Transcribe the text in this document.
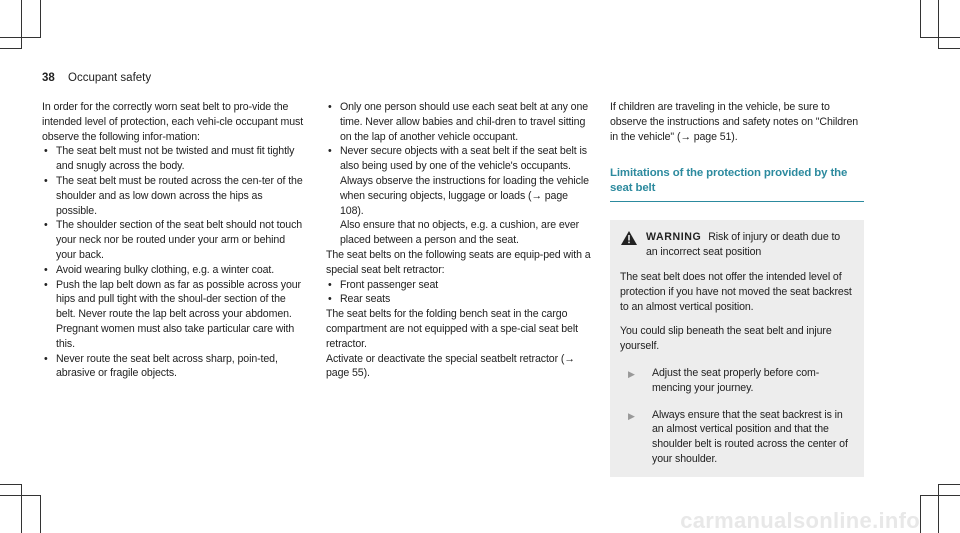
38 Occupant safety

In order for the correctly worn seat belt to pro-vide the intended level of protection, each vehi-cle occupant must observe the following infor-mation:

• The seat belt must not be twisted and must fit tightly and snugly across the body.
• The seat belt must be routed across the cen-ter of the shoulder and as low down across the hips as possible.
• The shoulder section of the seat belt should not touch your neck nor be routed under your arm or behind your back.
• Avoid wearing bulky clothing, e.g. a winter coat.
• Push the lap belt down as far as possible across your hips and pull tight with the shoul-der section of the belt. Never route the lap belt across your abdomen.

Pregnant women must also take particular care with this.

• Never route the seat belt across sharp, poin-ted, abrasive or fragile objects.
• Only one person should use each seat belt at any one time. Never allow babies and chil-dren to travel sitting on the lap of another vehicle occupant.
• Never secure objects with a seat belt if the seat belt is also being used by one of the vehicle's occupants. Always observe the instructions for loading the vehicle when securing objects, luggage or loads (→ page 108).

Also ensure that no objects, e.g. a cushion, are ever placed between a person and the seat.

The seat belts on the following seats are equip-ped with a special seat belt retractor:

• Front passenger seat
• Rear seats

The seat belts for the folding bench seat in the cargo compartment are not equipped with a spe-cial seat belt retractor.

Activate or deactivate the special seatbelt retractor (→ page 55).

If children are traveling in the vehicle, be sure to observe the instructions and safety notes on "Children in the vehicle" (→ page 51).

Limitations of the protection provided by the seat belt
WARNING Risk of injury or death due to an incorrect seat position

The seat belt does not offer the intended level of protection if you have not moved the seat backrest to an almost vertical position.

You could slip beneath the seat belt and injure yourself.

▶	Adjust the seat properly before com-mencing your journey.
▶	Always ensure that the seat backrest is in an almost vertical position and that the shoulder belt is routed across the center of your shoulder.
carmanualsonline.info
